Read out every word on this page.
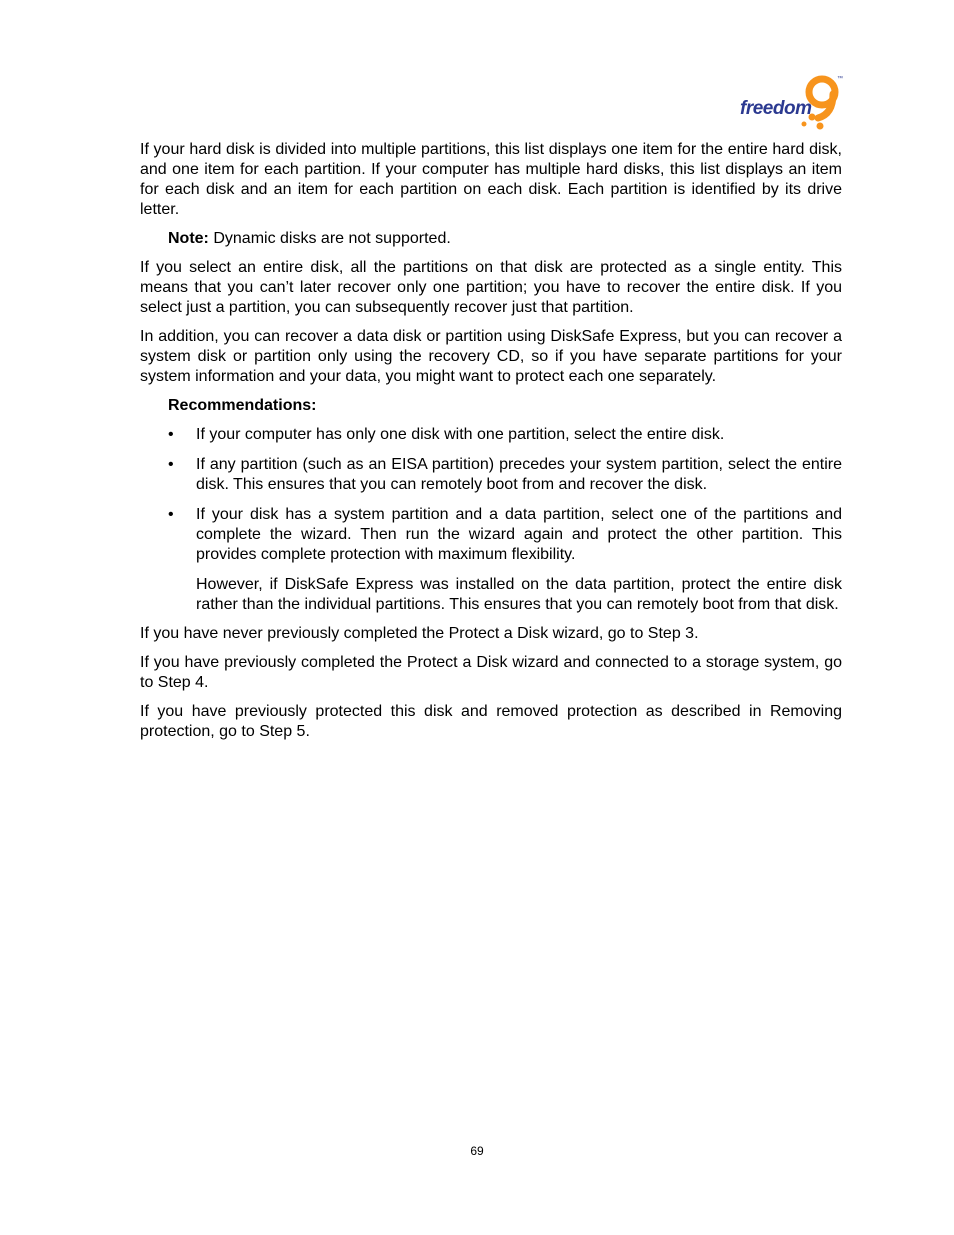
™
freedom

If your hard disk is divided into multiple partitions, this list displays one item for the entire hard disk, and one item for each partition. If your computer has multiple hard disks, this list displays an item for each disk and an item for each partition on each disk. Each partition is identified by its drive letter.

Note: Dynamic disks are not supported.

If you select an entire disk, all the partitions on that disk are protected as a single entity. This means that you can’t later recover only one partition; you have to recover the entire disk. If you select just a partition, you can subsequently recover just that partition.

In addition, you can recover a data disk or partition using DiskSafe Express, but you can recover a system disk or partition only using the recovery CD, so if you have separate partitions for your system information and your data, you might want to protect each one separately.

Recommendations:

• If your computer has only one disk with one partition, select the entire disk.
• If any partition (such as an EISA partition) precedes your system partition, select the entire disk. This ensures that you can remotely boot from and recover the disk.
• If your disk has a system partition and a data partition, select one of the partitions and complete the wizard. Then run the wizard again and protect the other partition. This provides complete protection with maximum flexibility.

However, if DiskSafe Express was installed on the data partition, protect the entire disk rather than the individual partitions. This ensures that you can remotely boot from that disk.

If you have never previously completed the Protect a Disk wizard, go to Step 3.

If you have previously completed the Protect a Disk wizard and connected to a storage system, go to Step 4.

If you have previously protected this disk and removed protection as described in Removing protection, go to Step 5.

69
